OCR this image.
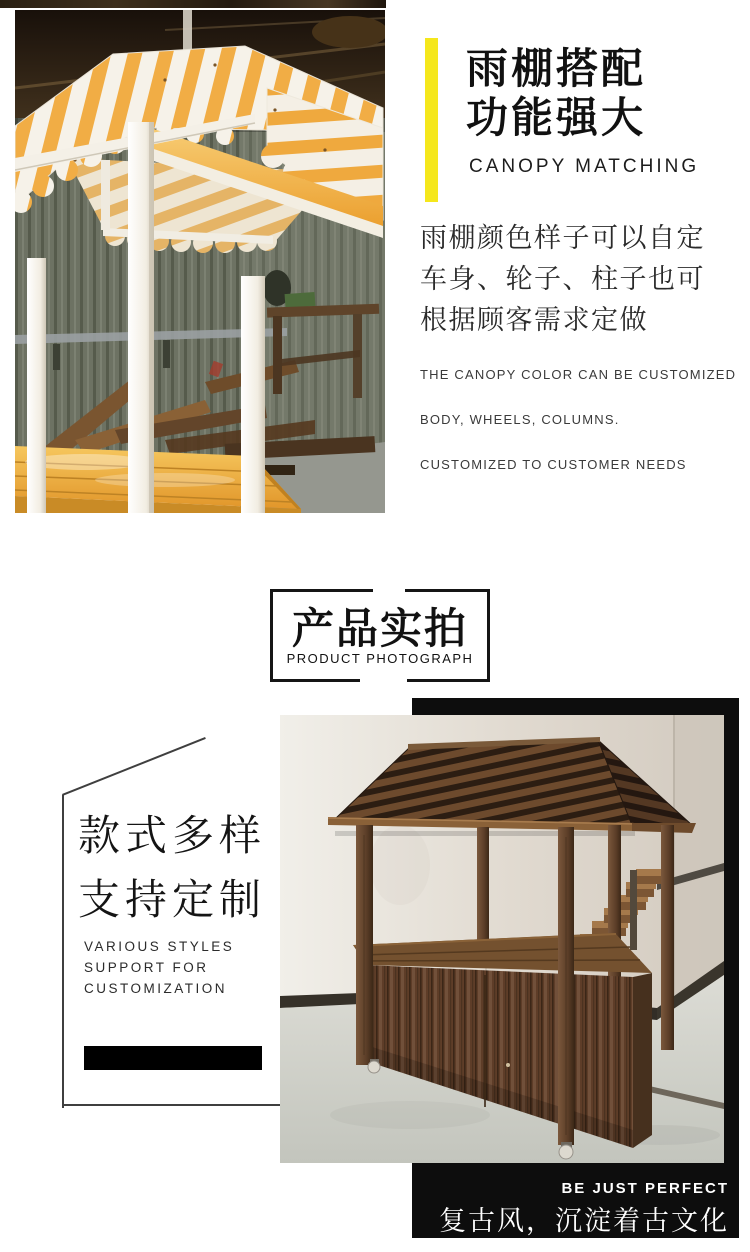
雨棚搭配
功能强大
CANOPY MATCHING
雨棚颜色样子可以自定
车身、轮子、柱子也可
根据顾客需求定做
THE CANOPY COLOR CAN BE CUSTOMIZED
BODY, WHEELS, COLUMNS.
CUSTOMIZED TO CUSTOMER NEEDS
产品实拍
PRODUCT PHOTOGRAPH
款式多样
支持定制
VARIOUS STYLES
SUPPORT FOR
CUSTOMIZATION
BE JUST PERFECT
复古风，沉淀着古文化
